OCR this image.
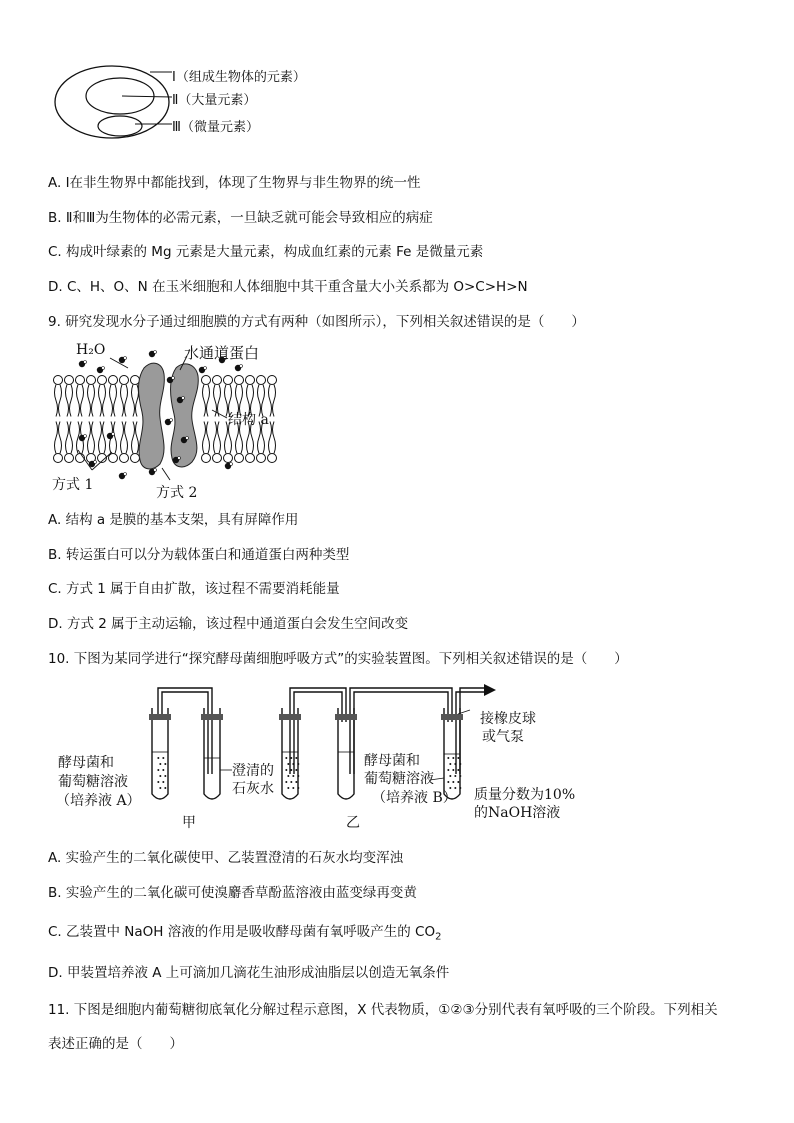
Ⅰ（组成生物体的元素）
Ⅱ（大量元素）
Ⅲ（微量元素）
A. Ⅰ在非生物界中都能找到，体现了生物界与非生物界的统一性
B. Ⅱ和Ⅲ为生物体的必需元素，一旦缺乏就可能会导致相应的病症
C. 构成叶绿素的 Mg 元素是大量元素，构成血红素的元素 Fe 是微量元素
D. C、H、O、N 在玉米细胞和人体细胞中其干重含量大小关系都为 O>C>H>N
9. 研究发现水分子通过细胞膜的方式有两种（如图所示），下列相关叙述错误的是（　　）
H₂O	水通道蛋白
结构 a
方式 1	方式 2
A. 结构 a 是膜的基本支架，具有屏障作用
B. 转运蛋白可以分为载体蛋白和通道蛋白两种类型
C. 方式 1 属于自由扩散，该过程不需要消耗能量
D. 方式 2 属于主动运输，该过程中通道蛋白会发生空间改变
10. 下图为某同学进行“探究酵母菌细胞呼吸方式”的实验装置图。下列相关叙述错误的是（　　）
酵母菌和
葡萄糖溶液
（培养液 A）
澄清的
石灰水
甲	乙
酵母菌和
葡萄糖溶液
（培养液 B）
接橡皮球
或气泵
质量分数为10%
的NaOH溶液
A. 实验产生的二氧化碳使甲、乙装置澄清的石灰水均变浑浊
B. 实验产生的二氧化碳可使溴麝香草酚蓝溶液由蓝变绿再变黄
C. 乙装置中 NaOH 溶液的作用是吸收酵母菌有氧呼吸产生的 $CO_2$
D. 甲装置培养液 A 上可滴加几滴花生油形成油脂层以创造无氧条件
11. 下图是细胞内葡萄糖彻底氧化分解过程示意图，X 代表物质，①②③分别代表有氧呼吸的三个阶段。下列相关
表述正确的是（　　）
